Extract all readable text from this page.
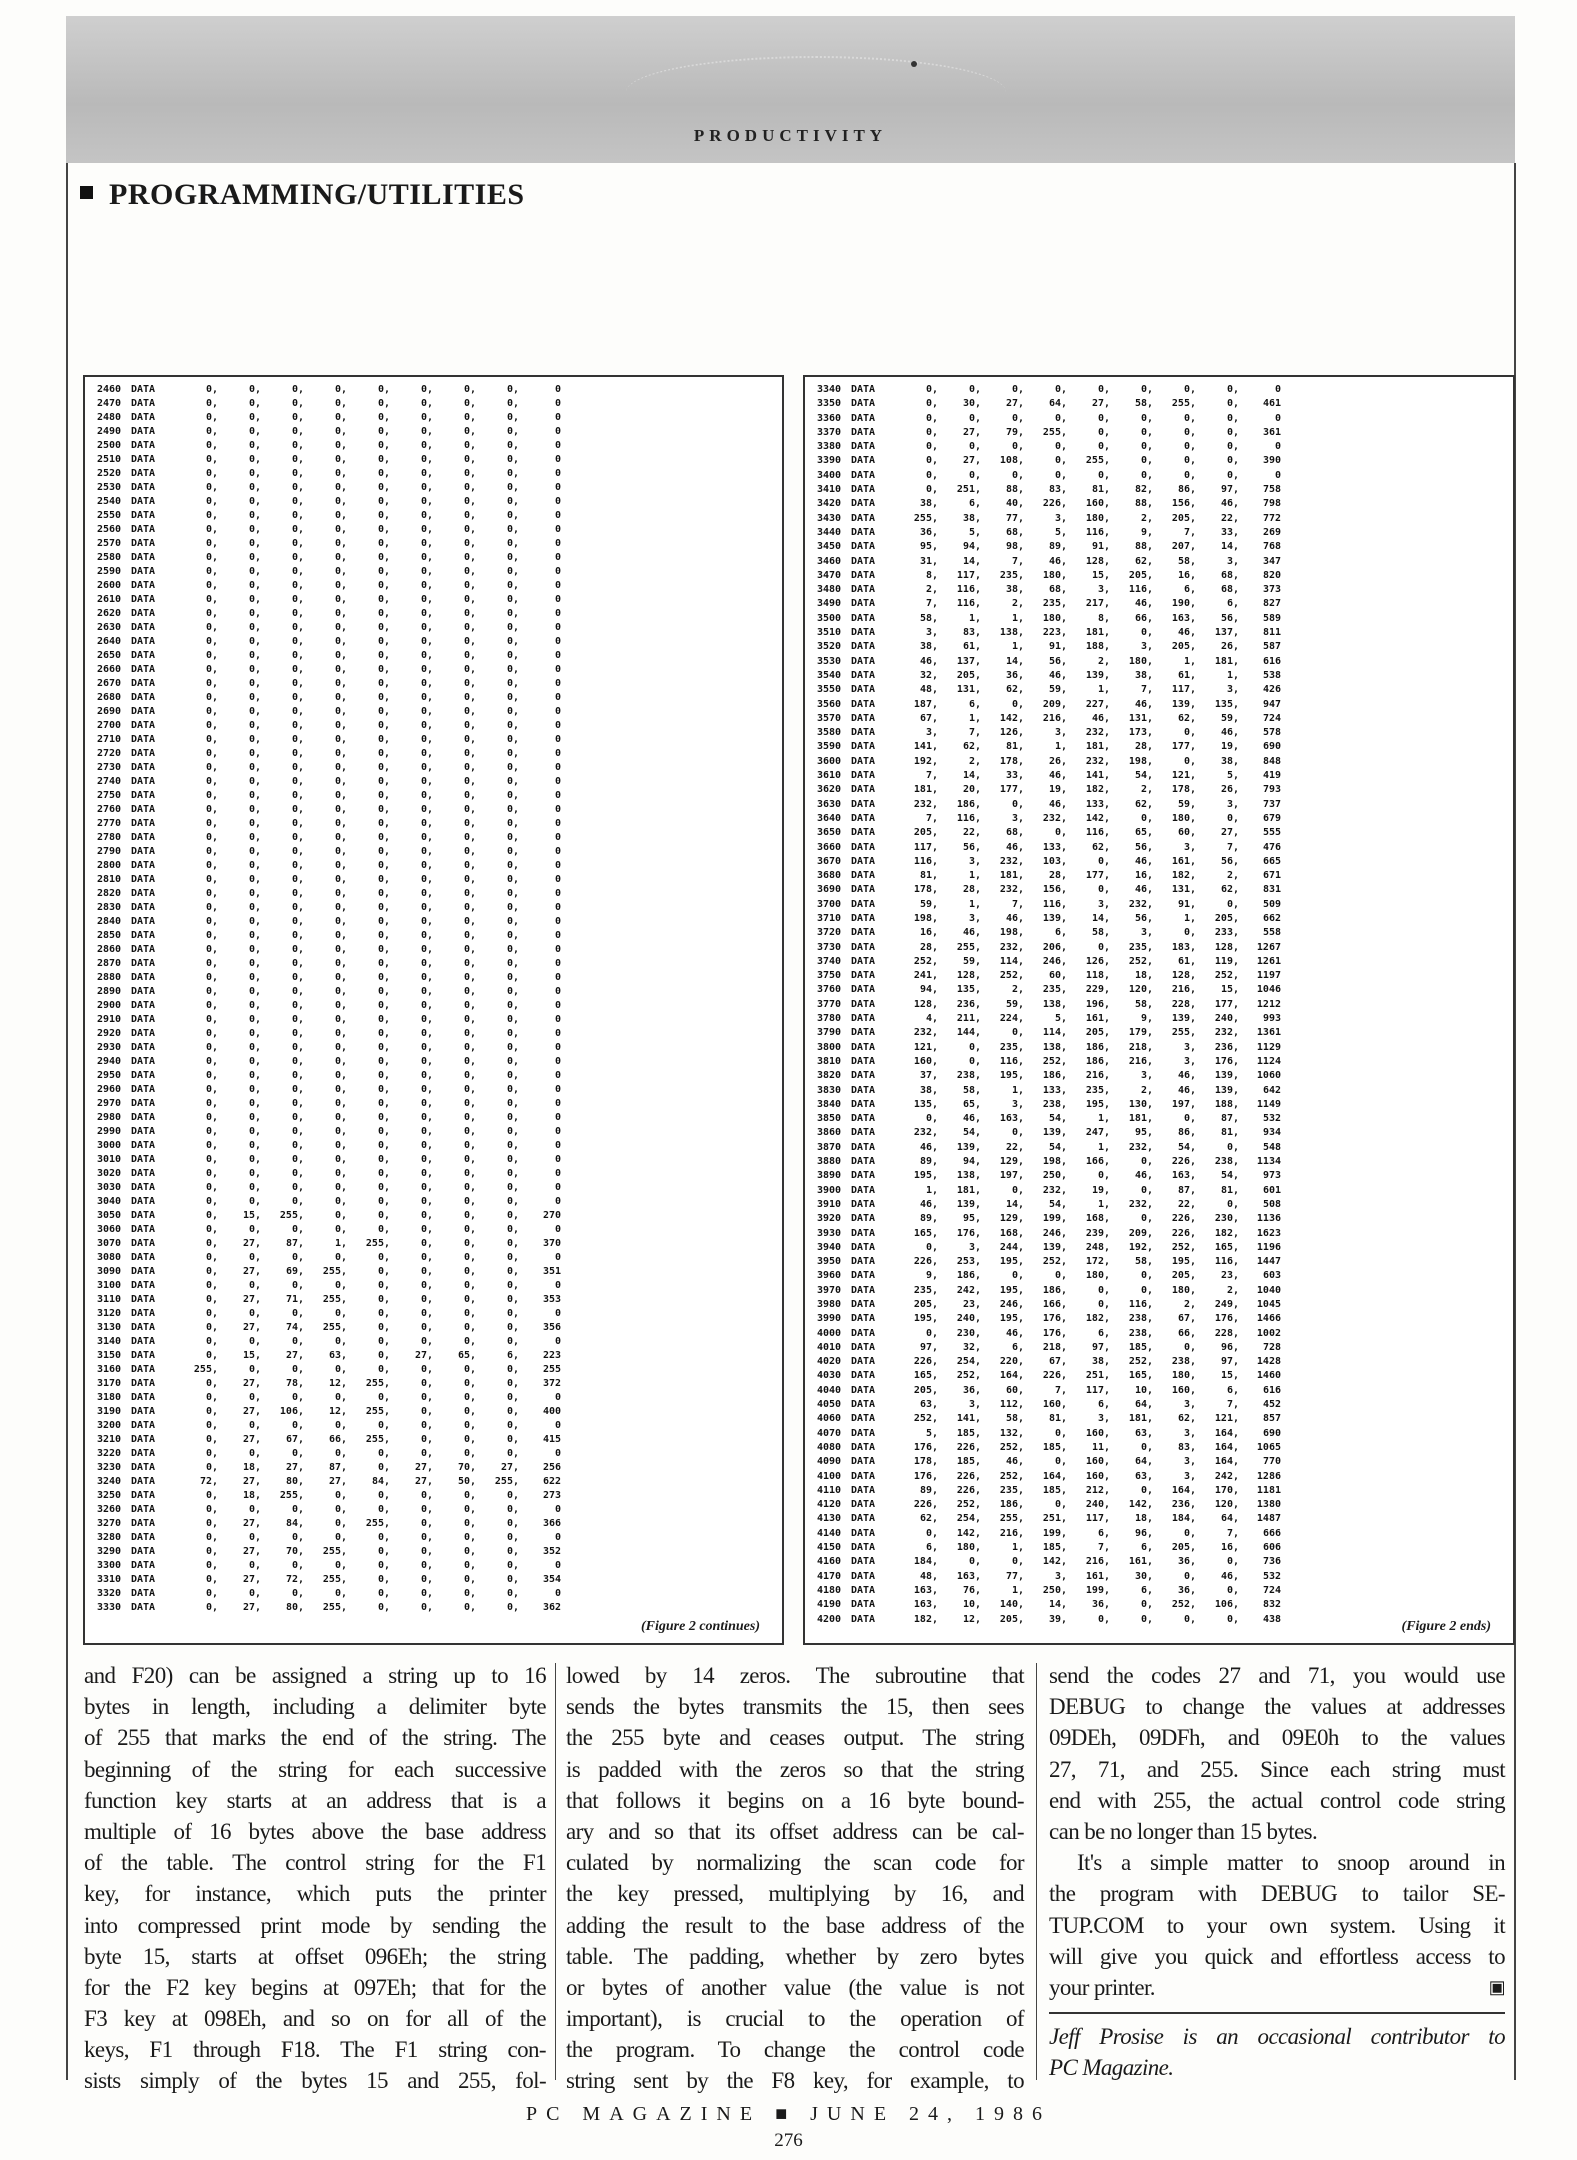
PRODUCTIVITY
PROGRAMMING/UTILITIES
2460 DATA	0,	0,	0,	0,	0,	0,	0,	0,	0
2470 DATA	0,	0,	0,	0,	0,	0,	0,	0,	0
2480 DATA	0,	0,	0,	0,	0,	0,	0,	0,	0
2490 DATA	0,	0,	0,	0,	0,	0,	0,	0,	0
2500 DATA	0,	0,	0,	0,	0,	0,	0,	0,	0
2510 DATA	0,	0,	0,	0,	0,	0,	0,	0,	0
2520 DATA	0,	0,	0,	0,	0,	0,	0,	0,	0
2530 DATA	0,	0,	0,	0,	0,	0,	0,	0,	0
2540 DATA	0,	0,	0,	0,	0,	0,	0,	0,	0
2550 DATA	0,	0,	0,	0,	0,	0,	0,	0,	0
2560 DATA	0,	0,	0,	0,	0,	0,	0,	0,	0
2570 DATA	0,	0,	0,	0,	0,	0,	0,	0,	0
2580 DATA	0,	0,	0,	0,	0,	0,	0,	0,	0
2590 DATA	0,	0,	0,	0,	0,	0,	0,	0,	0
2600 DATA	0,	0,	0,	0,	0,	0,	0,	0,	0
2610 DATA	0,	0,	0,	0,	0,	0,	0,	0,	0
2620 DATA	0,	0,	0,	0,	0,	0,	0,	0,	0
2630 DATA	0,	0,	0,	0,	0,	0,	0,	0,	0
2640 DATA	0,	0,	0,	0,	0,	0,	0,	0,	0
2650 DATA	0,	0,	0,	0,	0,	0,	0,	0,	0
2660 DATA	0,	0,	0,	0,	0,	0,	0,	0,	0
2670 DATA	0,	0,	0,	0,	0,	0,	0,	0,	0
2680 DATA	0,	0,	0,	0,	0,	0,	0,	0,	0
2690 DATA	0,	0,	0,	0,	0,	0,	0,	0,	0
2700 DATA	0,	0,	0,	0,	0,	0,	0,	0,	0
2710 DATA	0,	0,	0,	0,	0,	0,	0,	0,	0
2720 DATA	0,	0,	0,	0,	0,	0,	0,	0,	0
2730 DATA	0,	0,	0,	0,	0,	0,	0,	0,	0
2740 DATA	0,	0,	0,	0,	0,	0,	0,	0,	0
2750 DATA	0,	0,	0,	0,	0,	0,	0,	0,	0
2760 DATA	0,	0,	0,	0,	0,	0,	0,	0,	0
2770 DATA	0,	0,	0,	0,	0,	0,	0,	0,	0
2780 DATA	0,	0,	0,	0,	0,	0,	0,	0,	0
2790 DATA	0,	0,	0,	0,	0,	0,	0,	0,	0
2800 DATA	0,	0,	0,	0,	0,	0,	0,	0,	0
2810 DATA	0,	0,	0,	0,	0,	0,	0,	0,	0
2820 DATA	0,	0,	0,	0,	0,	0,	0,	0,	0
2830 DATA	0,	0,	0,	0,	0,	0,	0,	0,	0
2840 DATA	0,	0,	0,	0,	0,	0,	0,	0,	0
2850 DATA	0,	0,	0,	0,	0,	0,	0,	0,	0
2860 DATA	0,	0,	0,	0,	0,	0,	0,	0,	0
2870 DATA	0,	0,	0,	0,	0,	0,	0,	0,	0
2880 DATA	0,	0,	0,	0,	0,	0,	0,	0,	0
2890 DATA	0,	0,	0,	0,	0,	0,	0,	0,	0
2900 DATA	0,	0,	0,	0,	0,	0,	0,	0,	0
2910 DATA	0,	0,	0,	0,	0,	0,	0,	0,	0
2920 DATA	0,	0,	0,	0,	0,	0,	0,	0,	0
2930 DATA	0,	0,	0,	0,	0,	0,	0,	0,	0
2940 DATA	0,	0,	0,	0,	0,	0,	0,	0,	0
2950 DATA	0,	0,	0,	0,	0,	0,	0,	0,	0
2960 DATA	0,	0,	0,	0,	0,	0,	0,	0,	0
2970 DATA	0,	0,	0,	0,	0,	0,	0,	0,	0
2980 DATA	0,	0,	0,	0,	0,	0,	0,	0,	0
2990 DATA	0,	0,	0,	0,	0,	0,	0,	0,	0
3000 DATA	0,	0,	0,	0,	0,	0,	0,	0,	0
3010 DATA	0,	0,	0,	0,	0,	0,	0,	0,	0
3020 DATA	0,	0,	0,	0,	0,	0,	0,	0,	0
3030 DATA	0,	0,	0,	0,	0,	0,	0,	0,	0
3040 DATA	0,	0,	0,	0,	0,	0,	0,	0,	0
3050 DATA	0,	15,	255,	0,	0,	0,	0,	0,	270
3060 DATA	0,	0,	0,	0,	0,	0,	0,	0,	0
3070 DATA	0,	27,	87,	1,	255,	0,	0,	0,	370
3080 DATA	0,	0,	0,	0,	0,	0,	0,	0,	0
3090 DATA	0,	27,	69,	255,	0,	0,	0,	0,	351
3100 DATA	0,	0,	0,	0,	0,	0,	0,	0,	0
3110 DATA	0,	27,	71,	255,	0,	0,	0,	0,	353
3120 DATA	0,	0,	0,	0,	0,	0,	0,	0,	0
3130 DATA	0,	27,	74,	255,	0,	0,	0,	0,	356
3140 DATA	0,	0,	0,	0,	0,	0,	0,	0,	0
3150 DATA	0,	15,	27,	63,	0,	27,	65,	6,	223
3160 DATA	255,	0,	0,	0,	0,	0,	0,	0,	255
3170 DATA	0,	27,	78,	12,	255,	0,	0,	0,	372
3180 DATA	0,	0,	0,	0,	0,	0,	0,	0,	0
3190 DATA	0,	27,	106,	12,	255,	0,	0,	0,	400
3200 DATA	0,	0,	0,	0,	0,	0,	0,	0,	0
3210 DATA	0,	27,	67,	66,	255,	0,	0,	0,	415
3220 DATA	0,	0,	0,	0,	0,	0,	0,	0,	0
3230 DATA	0,	18,	27,	87,	0,	27,	70,	27,	256
3240 DATA	72,	27,	80,	27,	84,	27,	50,	255,	622
3250 DATA	0,	18,	255,	0,	0,	0,	0,	0,	273
3260 DATA	0,	0,	0,	0,	0,	0,	0,	0,	0
3270 DATA	0,	27,	84,	0,	255,	0,	0,	0,	366
3280 DATA	0,	0,	0,	0,	0,	0,	0,	0,	0
3290 DATA	0,	27,	70,	255,	0,	0,	0,	0,	352
3300 DATA	0,	0,	0,	0,	0,	0,	0,	0,	0
3310 DATA	0,	27,	72,	255,	0,	0,	0,	0,	354
3320 DATA	0,	0,	0,	0,	0,	0,	0,	0,	0
3330 DATA	0,	27,	80,	255,	0,	0,	0,	0,	362
(Figure 2 continues)
3340 DATA	0,	0,	0,	0,	0,	0,	0,	0,	0
3350 DATA	0,	30,	27,	64,	27,	58,	255,	0,	461
3360 DATA	0,	0,	0,	0,	0,	0,	0,	0,	0
3370 DATA	0,	27,	79,	255,	0,	0,	0,	0,	361
3380 DATA	0,	0,	0,	0,	0,	0,	0,	0,	0
3390 DATA	0,	27,	108,	0,	255,	0,	0,	0,	390
3400 DATA	0,	0,	0,	0,	0,	0,	0,	0,	0
3410 DATA	0,	251,	88,	83,	81,	82,	86,	97,	758
3420 DATA	38,	6,	40,	226,	160,	88,	156,	46,	798
3430 DATA	255,	38,	77,	3,	180,	2,	205,	22,	772
3440 DATA	36,	5,	68,	5,	116,	9,	7,	33,	269
3450 DATA	95,	94,	98,	89,	91,	88,	207,	14,	768
3460 DATA	31,	14,	7,	46,	128,	62,	58,	3,	347
3470 DATA	8,	117,	235,	180,	15,	205,	16,	68,	820
3480 DATA	2,	116,	38,	68,	3,	116,	6,	68,	373
3490 DATA	7,	116,	2,	235,	217,	46,	190,	6,	827
3500 DATA	58,	1,	1,	180,	8,	66,	163,	56,	589
3510 DATA	3,	83,	138,	223,	181,	0,	46,	137,	811
3520 DATA	38,	61,	1,	91,	188,	3,	205,	26,	587
3530 DATA	46,	137,	14,	56,	2,	180,	1,	181,	616
3540 DATA	32,	205,	36,	46,	139,	38,	61,	1,	538
3550 DATA	48,	131,	62,	59,	1,	7,	117,	3,	426
3560 DATA	187,	6,	0,	209,	227,	46,	139,	135,	947
3570 DATA	67,	1,	142,	216,	46,	131,	62,	59,	724
3580 DATA	3,	7,	126,	3,	232,	173,	0,	46,	578
3590 DATA	141,	62,	81,	1,	181,	28,	177,	19,	690
3600 DATA	192,	2,	178,	26,	232,	198,	0,	38,	848
3610 DATA	7,	14,	33,	46,	141,	54,	121,	5,	419
3620 DATA	181,	20,	177,	19,	182,	2,	178,	26,	793
3630 DATA	232,	186,	0,	46,	133,	62,	59,	3,	737
3640 DATA	7,	116,	3,	232,	142,	0,	180,	0,	679
3650 DATA	205,	22,	68,	0,	116,	65,	60,	27,	555
3660 DATA	117,	56,	46,	133,	62,	56,	3,	7,	476
3670 DATA	116,	3,	232,	103,	0,	46,	161,	56,	665
3680 DATA	81,	1,	181,	28,	177,	16,	182,	2,	671
3690 DATA	178,	28,	232,	156,	0,	46,	131,	62,	831
3700 DATA	59,	1,	7,	116,	3,	232,	91,	0,	509
3710 DATA	198,	3,	46,	139,	14,	56,	1,	205,	662
3720 DATA	16,	46,	198,	6,	58,	3,	0,	233,	558
3730 DATA	28,	255,	232,	206,	0,	235,	183,	128,	1267
3740 DATA	252,	59,	114,	246,	126,	252,	61,	119,	1261
3750 DATA	241,	128,	252,	60,	118,	18,	128,	252,	1197
3760 DATA	94,	135,	2,	235,	229,	120,	216,	15,	1046
3770 DATA	128,	236,	59,	138,	196,	58,	228,	177,	1212
3780 DATA	4,	211,	224,	5,	161,	9,	139,	240,	993
3790 DATA	232,	144,	0,	114,	205,	179,	255,	232,	1361
3800 DATA	121,	0,	235,	138,	186,	218,	3,	236,	1129
3810 DATA	160,	0,	116,	252,	186,	216,	3,	176,	1124
3820 DATA	37,	238,	195,	186,	216,	3,	46,	139,	1060
3830 DATA	38,	58,	1,	133,	235,	2,	46,	139,	642
3840 DATA	135,	65,	3,	238,	195,	130,	197,	188,	1149
3850 DATA	0,	46,	163,	54,	1,	181,	0,	87,	532
3860 DATA	232,	54,	0,	139,	247,	95,	86,	81,	934
3870 DATA	46,	139,	22,	54,	1,	232,	54,	0,	548
3880 DATA	89,	94,	129,	198,	166,	0,	226,	238,	1134
3890 DATA	195,	138,	197,	250,	0,	46,	163,	54,	973
3900 DATA	1,	181,	0,	232,	19,	0,	87,	81,	601
3910 DATA	46,	139,	14,	54,	1,	232,	22,	0,	508
3920 DATA	89,	95,	129,	199,	168,	0,	226,	230,	1136
3930 DATA	165,	176,	168,	246,	239,	209,	226,	182,	1623
3940 DATA	0,	3,	244,	139,	248,	192,	252,	165,	1196
3950 DATA	226,	253,	195,	252,	172,	58,	195,	116,	1447
3960 DATA	9,	186,	0,	0,	180,	0,	205,	23,	603
3970 DATA	235,	242,	195,	186,	0,	0,	180,	2,	1040
3980 DATA	205,	23,	246,	166,	0,	116,	2,	249,	1045
3990 DATA	195,	240,	195,	176,	182,	238,	67,	176,	1466
4000 DATA	0,	230,	46,	176,	6,	238,	66,	228,	1002
4010 DATA	97,	32,	6,	218,	97,	185,	0,	96,	728
4020 DATA	226,	254,	220,	67,	38,	252,	238,	97,	1428
4030 DATA	165,	252,	164,	226,	251,	165,	180,	15,	1460
4040 DATA	205,	36,	60,	7,	117,	10,	160,	6,	616
4050 DATA	63,	3,	112,	160,	6,	64,	3,	7,	452
4060 DATA	252,	141,	58,	81,	3,	181,	62,	121,	857
4070 DATA	5,	185,	132,	0,	160,	63,	3,	164,	690
4080 DATA	176,	226,	252,	185,	11,	0,	83,	164,	1065
4090 DATA	178,	185,	46,	0,	160,	64,	3,	164,	770
4100 DATA	176,	226,	252,	164,	160,	63,	3,	242,	1286
4110 DATA	89,	226,	235,	185,	212,	0,	164,	170,	1181
4120 DATA	226,	252,	186,	0,	240,	142,	236,	120,	1380
4130 DATA	62,	254,	255,	251,	117,	18,	184,	64,	1487
4140 DATA	0,	142,	216,	199,	6,	96,	0,	7,	666
4150 DATA	6,	180,	1,	185,	7,	6,	205,	16,	606
4160 DATA	184,	0,	0,	142,	216,	161,	36,	0,	736
4170 DATA	48,	163,	77,	3,	161,	30,	0,	46,	532
4180 DATA	163,	76,	1,	250,	199,	6,	36,	0,	724
4190 DATA	163,	10,	140,	14,	36,	0,	252,	106,	832
4200 DATA	182,	12,	205,	39,	0,	0,	0,	0,	438	(Figure 2 ends)
and F20) can be assigned a string up to 16
bytes in length, including a delimiter byte
of 255 that marks the end of the string. The
beginning of the string for each successive
function key starts at an address that is a
multiple of 16 bytes above the base address
of the table. The control string for the F1
key, for instance, which puts the printer
into compressed print mode by sending the
byte 15, starts at offset 096Eh; the string
for the F2 key begins at 097Eh; that for the
F3 key at 098Eh, and so on for all of the
keys, F1 through F18. The F1 string con-
sists simply of the bytes 15 and 255, fol-
lowed by 14 zeros. The subroutine that
sends the bytes transmits the 15, then sees
the 255 byte and ceases output. The string
is padded with the zeros so that the string
that follows it begins on a 16 byte bound-
ary and so that its offset address can be cal-
culated by normalizing the scan code for
the key pressed, multiplying by 16, and
adding the result to the base address of the
table. The padding, whether by zero bytes
or bytes of another value (the value is not
important), is crucial to the operation of
the program. To change the control code
string sent by the F8 key, for example, to
send the codes 27 and 71, you would use
DEBUG to change the values at addresses
09DEh, 09DFh, and 09E0h to the values
27, 71, and 255. Since each string must
end with 255, the actual control code string
can be no longer than 15 bytes.
It's a simple matter to snoop around in
the program with DEBUG to tailor SE-
TUP.COM to your own system. Using it
will give you quick and effortless access to
your printer.	▣
Jeff Prosise is an occasional contributor to
PC Magazine.
PC MAGAZINE ■ JUNE 24, 1986
276
